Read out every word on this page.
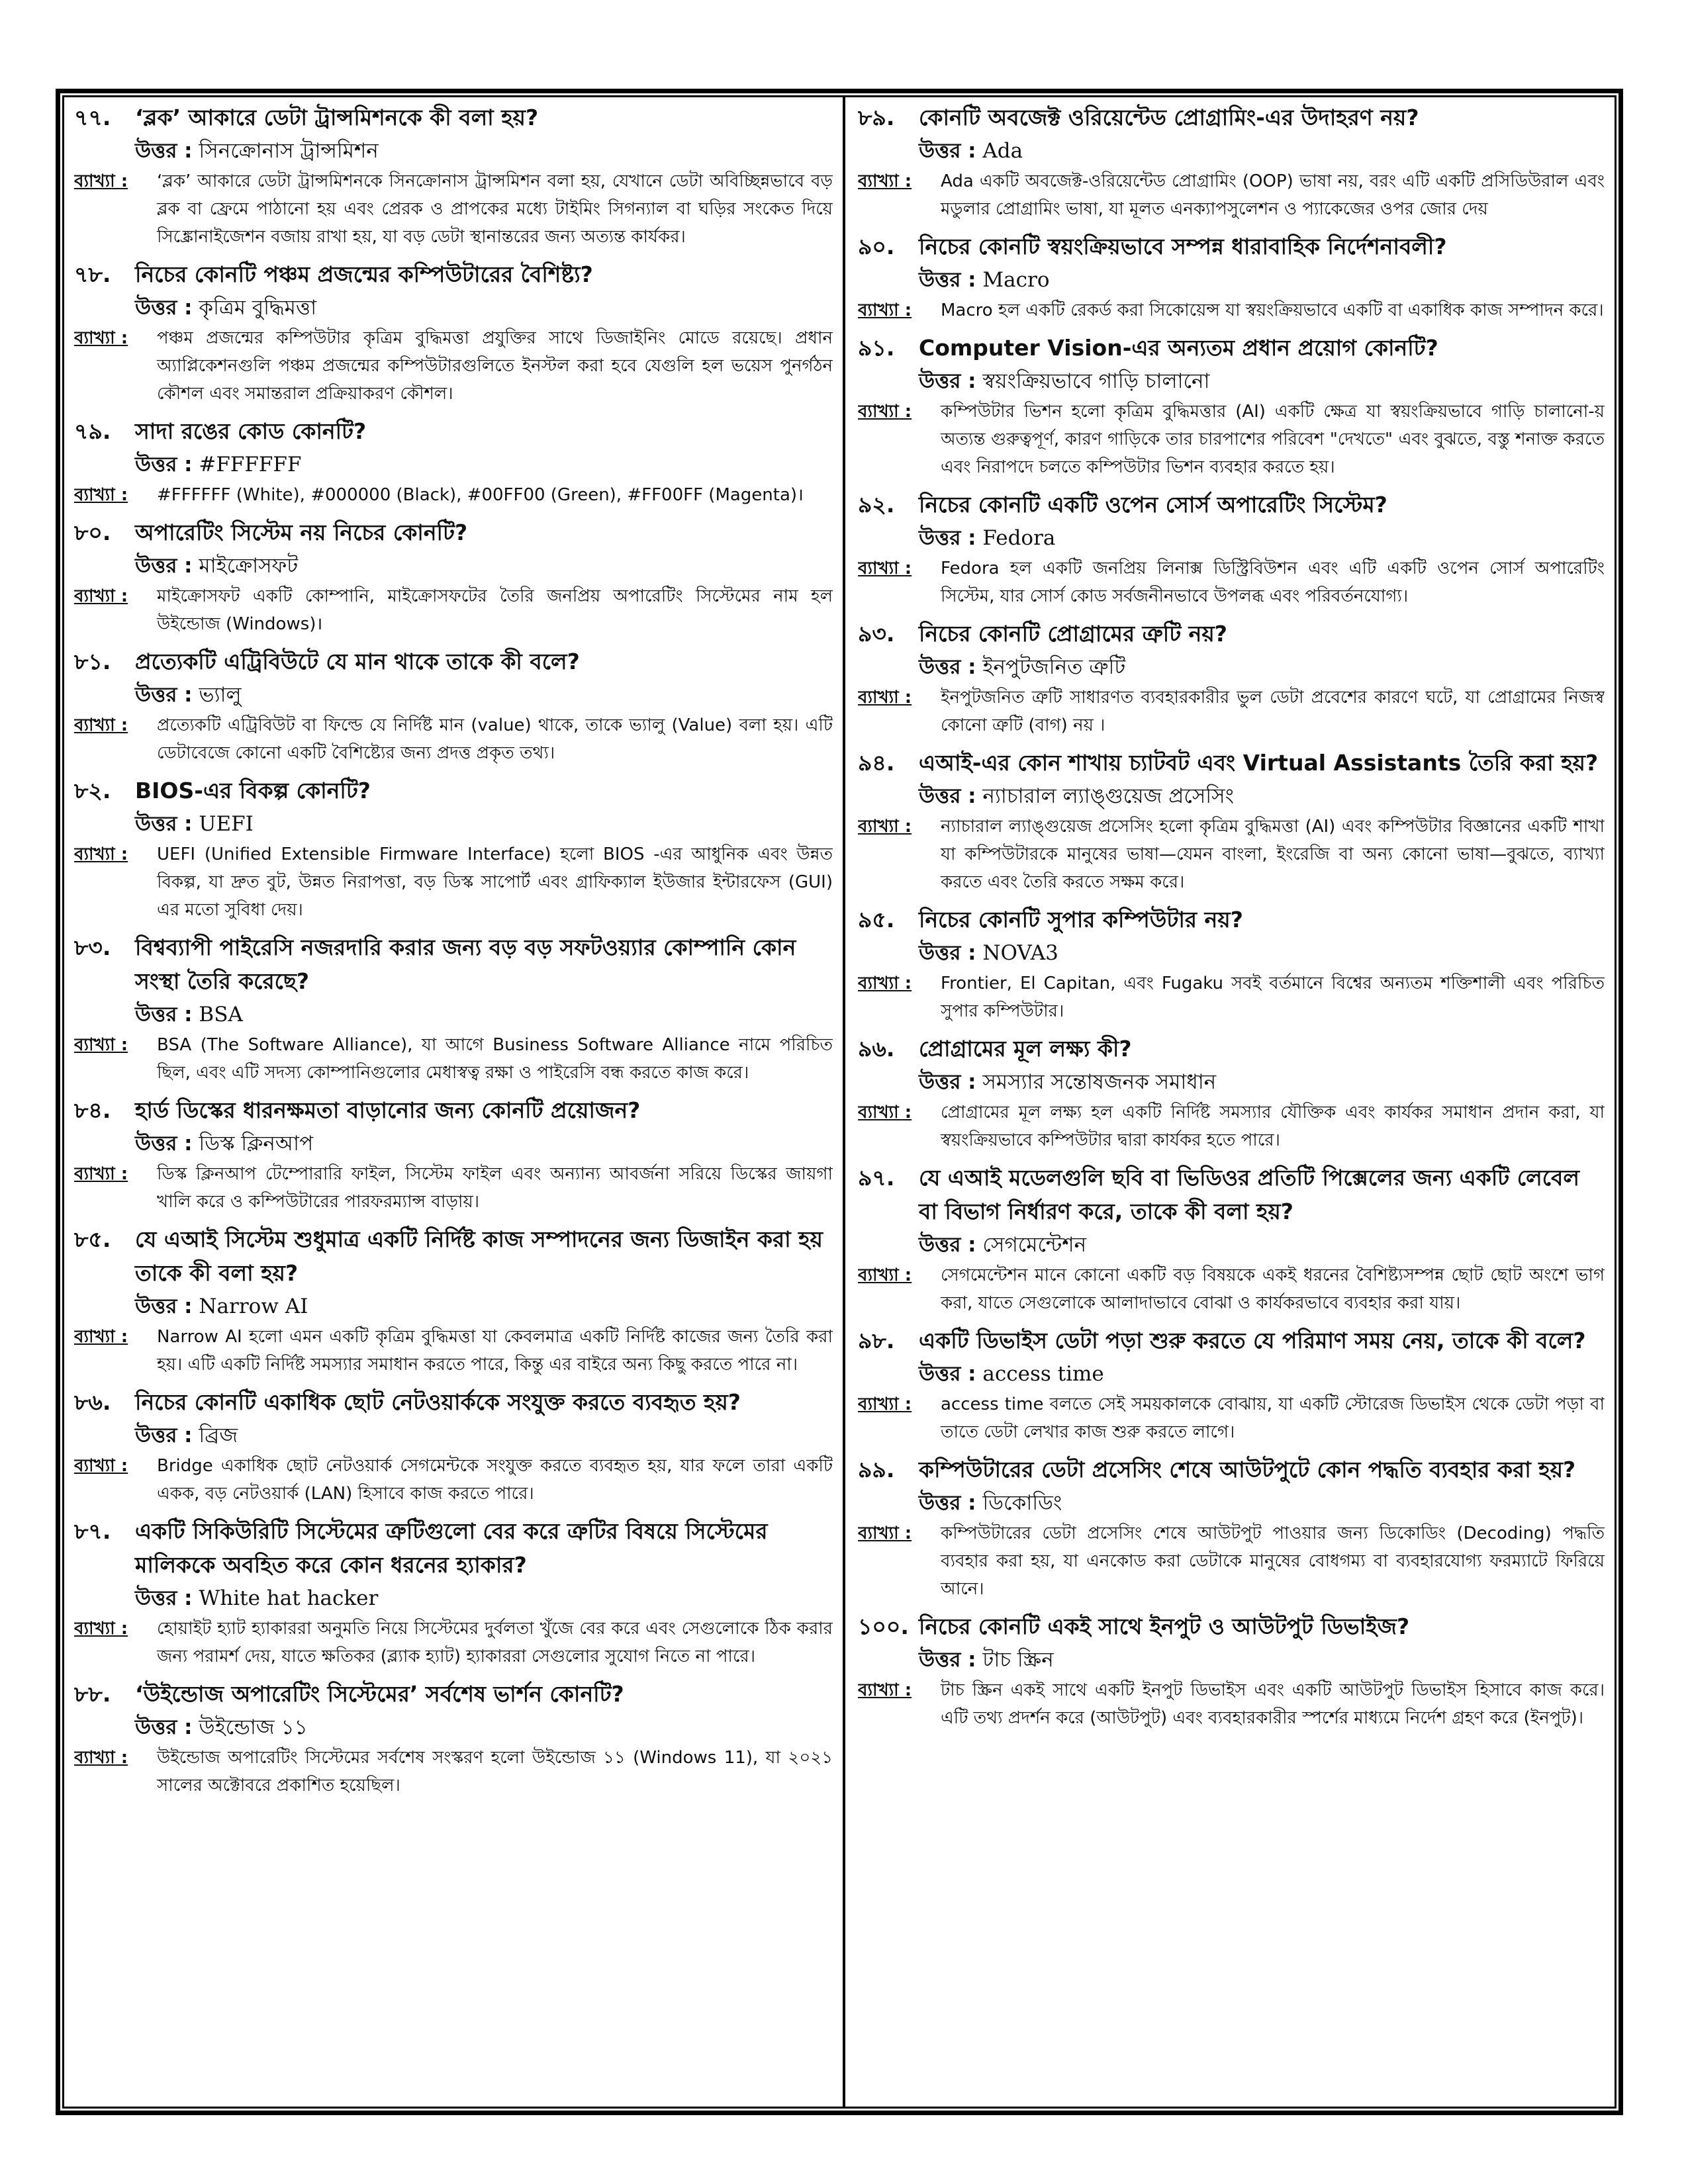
৭৭.	‘ব্লক’ আকারে ডেটা ট্রান্সমিশনকে কী বলা হয়?
উত্তর : সিনক্রোনাস ট্রান্সমিশন
ব্যাখ্যা :	‘ব্লক’ আকারে ডেটা ট্রান্সমিশনকে সিনক্রোনাস ট্রান্সমিশন বলা হয়, যেখানে ডেটা অবিচ্ছিন্নভাবে বড় ব্লক বা ফ্রেমে পাঠানো হয় এবং প্রেরক ও প্রাপকের মধ্যে টাইমিং সিগন্যাল বা ঘড়ির সংকেত দিয়ে সিঙ্ক্রোনাইজেশন বজায় রাখা হয়, যা বড় ডেটা স্থানান্তরের জন্য অত্যন্ত কার্যকর।
৭৮.	নিচের কোনটি পঞ্চম প্রজন্মের কম্পিউটারের বৈশিষ্ট্য?
উত্তর : কৃত্রিম বুদ্ধিমত্তা
ব্যাখ্যা :	পঞ্চম প্রজন্মের কম্পিউটার কৃত্রিম বুদ্ধিমত্তা প্রযুক্তির সাথে ডিজাইনিং মোডে রয়েছে। প্রধান অ্যাপ্লিকেশনগুলি পঞ্চম প্রজন্মের কম্পিউটারগুলিতে ইনস্টল করা হবে যেগুলি হল ভয়েস পুনর্গঠন কৌশল এবং সমান্তরাল প্রক্রিয়াকরণ কৌশল।
৭৯.	সাদা রঙের কোড কোনটি?
উত্তর : #FFFFFF
ব্যাখ্যা :	#FFFFFF (White), #000000 (Black), #00FF00 (Green), #FF00FF (Magenta)।
৮০.	অপারেটিং সিস্টেম নয় নিচের কোনটি?
উত্তর : মাইক্রোসফট
ব্যাখ্যা :	মাইক্রোসফট একটি কোম্পানি, মাইক্রোসফটের তৈরি জনপ্রিয় অপারেটিং সিস্টেমের নাম হল উইন্ডোজ (Windows)।
৮১.	প্রত্যেকটি এট্রিবিউটে যে মান থাকে তাকে কী বলে?
উত্তর : ভ্যালু
ব্যাখ্যা :	প্রত্যেকটি এট্রিবিউট বা ফিল্ডে যে নির্দিষ্ট মান (value) থাকে, তাকে ভ্যালু (Value) বলা হয়। এটি ডেটাবেজে কোনো একটি বৈশিষ্ট্যের জন্য প্রদত্ত প্রকৃত তথ্য।
৮২.	BIOS-এর বিকল্প কোনটি?
উত্তর : UEFI
ব্যাখ্যা :	UEFI (Unified Extensible Firmware Interface) হলো BIOS -এর আধুনিক এবং উন্নত বিকল্প, যা দ্রুত বুট, উন্নত নিরাপত্তা, বড় ডিস্ক সাপোর্ট এবং গ্রাফিক্যাল ইউজার ইন্টারফেস (GUI) এর মতো সুবিধা দেয়।
৮৩.	বিশ্বব্যাপী পাইরেসি নজরদারি করার জন্য বড় বড় সফটওয়্যার কোম্পানি কোন সংস্থা তৈরি করেছে?
উত্তর : BSA
ব্যাখ্যা :	BSA (The Software Alliance), যা আগে Business Software Alliance নামে পরিচিত ছিল, এবং এটি সদস্য কোম্পানিগুলোর মেধাস্বত্ব রক্ষা ও পাইরেসি বন্ধ করতে কাজ করে।
৮৪.	হার্ড ডিস্কের ধারনক্ষমতা বাড়ানোর জন্য কোনটি প্রয়োজন?
উত্তর : ডিস্ক ক্লিনআপ
ব্যাখ্যা :	ডিস্ক ক্লিনআপ টেম্পোরারি ফাইল, সিস্টেম ফাইল এবং অন্যান্য আবর্জনা সরিয়ে ডিস্কের জায়গা খালি করে ও কম্পিউটারের পারফরম্যান্স বাড়ায়।
৮৫.	যে এআই সিস্টেম শুধুমাত্র একটি নির্দিষ্ট কাজ সম্পাদনের জন্য ডিজাইন করা হয় তাকে কী বলা হয়?
উত্তর : Narrow AI
ব্যাখ্যা :	Narrow AI হলো এমন একটি কৃত্রিম বুদ্ধিমত্তা যা কেবলমাত্র একটি নির্দিষ্ট কাজের জন্য তৈরি করা হয়। এটি একটি নির্দিষ্ট সমস্যার সমাধান করতে পারে, কিন্তু এর বাইরে অন্য কিছু করতে পারে না।
৮৬.	নিচের কোনটি একাধিক ছোট নেটওয়ার্ককে সংযুক্ত করতে ব্যবহৃত হয়?
উত্তর : ব্রিজ
ব্যাখ্যা :	Bridge একাধিক ছোট নেটওয়ার্ক সেগমেন্টকে সংযুক্ত করতে ব্যবহৃত হয়, যার ফলে তারা একটি একক, বড় নেটওয়ার্ক (LAN) হিসাবে কাজ করতে পারে।
৮৭.	একটি সিকিউরিটি সিস্টেমের ত্রুটিগুলো বের করে ত্রুটির বিষয়ে সিস্টেমের মালিককে অবহিত করে কোন ধরনের হ্যাকার?
উত্তর : White hat hacker
ব্যাখ্যা :	হোয়াইট হ্যাট হ্যাকাররা অনুমতি নিয়ে সিস্টেমের দুর্বলতা খুঁজে বের করে এবং সেগুলোকে ঠিক করার জন্য পরামর্শ দেয়, যাতে ক্ষতিকর (ব্ল্যাক হ্যাট) হ্যাকাররা সেগুলোর সুযোগ নিতে না পারে।
৮৮.	‘উইন্ডোজ অপারেটিং সিস্টেমের’ সর্বশেষ ভার্শন কোনটি?
উত্তর : উইন্ডোজ ১১
ব্যাখ্যা :	উইন্ডোজ অপারেটিং সিস্টেমের সর্বশেষ সংস্করণ হলো উইন্ডোজ ১১ (Windows 11), যা ২০২১ সালের অক্টোবরে প্রকাশিত হয়েছিল।
৮৯.	কোনটি অবজেক্ট ওরিয়েন্টেড প্রোগ্রামিং-এর উদাহরণ নয়?
উত্তর : Ada
ব্যাখ্যা :	Ada একটি অবজেক্ট-ওরিয়েন্টেড প্রোগ্রামিং (OOP) ভাষা নয়, বরং এটি একটি প্রসিডিউরাল এবং মডুলার প্রোগ্রামিং ভাষা, যা মূলত এনক্যাপসুলেশন ও প্যাকেজের ওপর জোর দেয়
৯০.	নিচের কোনটি স্বয়ংক্রিয়ভাবে সম্পন্ন ধারাবাহিক নির্দেশনাবলী?
উত্তর : Macro
ব্যাখ্যা :	Macro হল একটি রেকর্ড করা সিকোয়েন্স যা স্বয়ংক্রিয়ভাবে একটি বা একাধিক কাজ সম্পাদন করে।
৯১.	Computer Vision-এর অন্যতম প্রধান প্রয়োগ কোনটি?
উত্তর : স্বয়ংক্রিয়ভাবে গাড়ি চালানো
ব্যাখ্যা :	কম্পিউটার ভিশন হলো কৃত্রিম বুদ্ধিমত্তার (AI) একটি ক্ষেত্র যা স্বয়ংক্রিয়ভাবে গাড়ি চালানো-য় অত্যন্ত গুরুত্বপূর্ণ, কারণ গাড়িকে তার চারপাশের পরিবেশ "দেখতে" এবং বুঝতে, বস্তু শনাক্ত করতে এবং নিরাপদে চলতে কম্পিউটার ভিশন ব্যবহার করতে হয়।
৯২.	নিচের কোনটি একটি ওপেন সোর্স অপারেটিং সিস্টেম?
উত্তর : Fedora
ব্যাখ্যা :	Fedora হল একটি জনপ্রিয় লিনাক্স ডিস্ট্রিবিউশন এবং এটি একটি ওপেন সোর্স অপারেটিং সিস্টেম, যার সোর্স কোড সর্বজনীনভাবে উপলব্ধ এবং পরিবর্তনযোগ্য।
৯৩.	নিচের কোনটি প্রোগ্রামের ত্রুটি নয়?
উত্তর : ইনপুটজনিত ত্রুটি
ব্যাখ্যা :	ইনপুটজনিত ত্রুটি সাধারণত ব্যবহারকারীর ভুল ডেটা প্রবেশের কারণে ঘটে, যা প্রোগ্রামের নিজস্ব কোনো ত্রুটি (বাগ) নয় ।
৯৪.	এআই-এর কোন শাখায় চ্যাটবট এবং Virtual Assistants তৈরি করা হয়?
উত্তর : ন্যাচারাল ল্যাঙ্গুয়েজ প্রসেসিং
ব্যাখ্যা :	ন্যাচারাল ল্যাঙ্গুয়েজ প্রসেসিং হলো কৃত্রিম বুদ্ধিমত্তা (AI) এবং কম্পিউটার বিজ্ঞানের একটি শাখা যা কম্পিউটারকে মানুষের ভাষা—যেমন বাংলা, ইংরেজি বা অন্য কোনো ভাষা—বুঝতে, ব্যাখ্যা করতে এবং তৈরি করতে সক্ষম করে।
৯৫.	নিচের কোনটি সুপার কম্পিউটার নয়?
উত্তর : NOVA3
ব্যাখ্যা :	Frontier, El Capitan, এবং Fugaku সবই বর্তমানে বিশ্বের অন্যতম শক্তিশালী এবং পরিচিত সুপার কম্পিউটার।
৯৬.	প্রোগ্রামের মূল লক্ষ্য কী?
উত্তর : সমস্যার সন্তোষজনক সমাধান
ব্যাখ্যা :	প্রোগ্রামের মূল লক্ষ্য হল একটি নির্দিষ্ট সমস্যার যৌক্তিক এবং কার্যকর সমাধান প্রদান করা, যা স্বয়ংক্রিয়ভাবে কম্পিউটার দ্বারা কার্যকর হতে পারে।
৯৭.	যে এআই মডেলগুলি ছবি বা ভিডিওর প্রতিটি পিক্সেলের জন্য একটি লেবেল বা বিভাগ নির্ধারণ করে, তাকে কী বলা হয়?
উত্তর : সেগমেন্টেশন
ব্যাখ্যা :	সেগমেন্টেশন মানে কোনো একটি বড় বিষয়কে একই ধরনের বৈশিষ্ট্যসম্পন্ন ছোট ছোট অংশে ভাগ করা, যাতে সেগুলোকে আলাদাভাবে বোঝা ও কার্যকরভাবে ব্যবহার করা যায়।
৯৮.	একটি ডিভাইস ডেটা পড়া শুরু করতে যে পরিমাণ সময় নেয়, তাকে কী বলে?
উত্তর : access time
ব্যাখ্যা :	access time বলতে সেই সময়কালকে বোঝায়, যা একটি স্টোরেজ ডিভাইস থেকে ডেটা পড়া বা তাতে ডেটা লেখার কাজ শুরু করতে লাগে।
৯৯.	কম্পিউটারের ডেটা প্রসেসিং শেষে আউটপুটে কোন পদ্ধতি ব্যবহার করা হয়?
উত্তর : ডিকোডিং
ব্যাখ্যা :	কম্পিউটারের ডেটা প্রসেসিং শেষে আউটপুট পাওয়ার জন্য ডিকোডিং (Decoding) পদ্ধতি ব্যবহার করা হয়, যা এনকোড করা ডেটাকে মানুষের বোধগম্য বা ব্যবহারযোগ্য ফরম্যাটে ফিরিয়ে আনে।
১০০. নিচের কোনটি একই সাথে ইনপুট ও আউটপুট ডিভাইজ?
উত্তর : টাচ স্ক্রিন
ব্যাখ্যা :	টাচ স্ক্রিন একই সাথে একটি ইনপুট ডিভাইস এবং একটি আউটপুট ডিভাইস হিসাবে কাজ করে। এটি তথ্য প্রদর্শন করে (আউটপুট) এবং ব্যবহারকারীর স্পর্শের মাধ্যমে নির্দেশ গ্রহণ করে (ইনপুট)।
